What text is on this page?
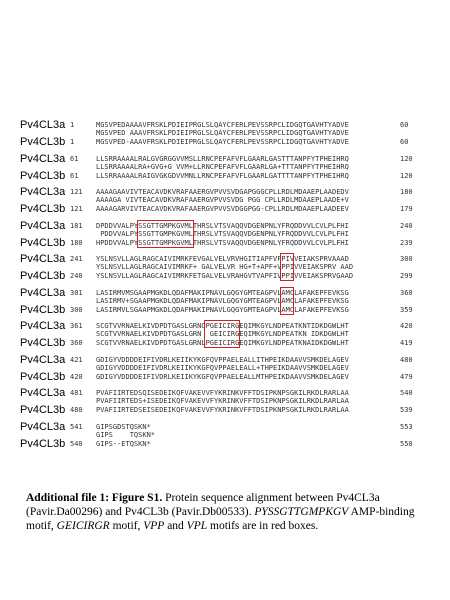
Pv4CL3a 1	MGSVPEDAAAAVFRSKLPDIEIPRGLSLQAYCFERLPEVSSRPCLIDGQTGAVHTYADVE	60
MGSVPED AAAVFRSKLPDIEIPRGLSLQAYCFERLPEVSSRPCLIDGQTGAVHTYADVE
Pv4CL3b 1	MGSVPED-AAAVFRSKLPDIEIPRGLSLQAYCFERLPEVSSRPCLIDGQTGAVHTYADVE	60
Pv4CL3a 61	LLSRRAAAALRALGVGRGGVVMSLLRNCPEFAFVFLGAARLGASTTTANPFYTPHEIHRQ	120
LLSRRAAAALRA+GVG+G VVM+LLRNCPEFAFVFLGAARLGA+TTTANPFYTPHEIHRQ
Pv4CL3b 61	LLSRRAAAALRAIGVGKGDVVMNLLRNCPEFAFVFLGAARLGATTTTANPFYTPHEIHRQ	120
Pv4CL3a 121 AAAAGAAVIVTEACAVDKVRAFAAERGVPVVSVDGAPGGGCPLLRDLMDAAEPLAADEDV	180
AAAAGA VIVTEACAVDKVRAFAAERGVPVVSVDG PGG CPLLRDLMDAAEPLAADE+V
Pv4CL3b 121 AAAAGARVIVTEACAVDKVRAFAAERGVPVVSVDGGPGG-CPLLRDLMDAAEPLAADEEV	179
Pv4CL3a 181 DPDDVVALPYSSGTTGMPKGVMLTHRSLVTSVAQQVDGENPNLYFRQDDVVLCVLPLFHI	240
PDDVVALPYSSGTTGMPKGVMLTHRSLVTSVAQQVDGENPNLYFRQDDVVLCVLPLFHI
Pv4CL3b 180 HPDDVVALPYSSGTTGMPKGVMLTHRSLVTSVAQQVDGENPNLYFRQDDVVLCVLPLFHI	239
Pv4CL3a 241 YSLNSVLLAGLRAGCAIVIMRKFEVGALVELVRVHGITIAPFVPPIVVEIAKSPRVAAAD	300
YSLNSVLLAGLRAGCAIVIMRKF+ GALVELVR HG+T+APF+VPPIVVEIAKSPRV AAD
Pv4CL3b 240 YSLNSVLLAGLRAGCAIVIMRKFETGALVELVRAHGVTVAPFIVPPIVVEIAKSPRVGAAD	299
Pv4CL3a 301 LASIRMVMSGAAPMGKDLQDAFMAKIPNAVLGQGYGMTEAGPVLAMCLAFAKEPFEVKSG	360
LASIRMV+SGAAPMGKDLQDAFMAKIPNAVLGQGYGMTEAGPVLAMCLAFAKEPFEVKSG
Pv4CL3b 300 LASIRMVLSGAAPMGKDLQDAFMAKIPNAVLGQGYGMTEAGPVLAMCLAFAKEPFEVKSG	359
Pv4CL3a 361 SCGTVVRNAELKIVDPDTGASLGRNQPGEICIRGEQIMKGYLNDPEATKNTIDKDGWLHT	420
SCGTVVRNAELKIVDPDTGASLGRN  GEICIRGEQIMKGYLNDPEATKN IDKDGWLHT
Pv4CL3b 360 SCGTVVRNAELKIVDPDTGASLGRNLPGEICIRGEQIMKGYLNDPEATKNAIDKDGWLHT	419
Pv4CL3a 421 GDIGYVDDDDEIFIVDRLKEIIKYKGFQVPPAELEALLITHPEIKDAAVVSMKDELAGEV	480
GDIGYVDDDDEIFIVDRLKEIIKYKGFQVPPAELEALL+THPEIKDAAVVSMKDELAGEV
Pv4CL3b 420 GDIGYVDDDDEIFIVDRLKEIIKYKGFQVPPAELEALLMTHPEIKDAAVVSMKDELAGEV	479
Pv4CL3a 481 PVAFIIRTEDSQISEDEIKQFVAKEVVFYKRINKVFFTDSIPKNPSGKILRKDLRARLAA	540
PVAFIIRTEDS+ISEDEIKQFVAKEVVFYKRINKVFFTDSIPKNPSGKILRKDLRARLAA
Pv4CL3b 480 PVAFIIRTEDSEISEDEIKQFVAKEVVFYKRINKVFFTDSIPKNPSGKILRKDLRARLAA	539
Pv4CL3a 541 GIPSGDSTQSKN*	553
GIPS    TQSKN*
Pv4CL3b 540 GIPS--ETQSKN*	550
Additional file 1: Figure S1. Protein sequence alignment between Pv4CL3a (Pavir.Da00296) and Pv4CL3b (Pavir.Db00533). PYSSGTTGMPKGV AMP-binding motif, GEICIRGR motif, VPP and VPL motifs are in red boxes.
